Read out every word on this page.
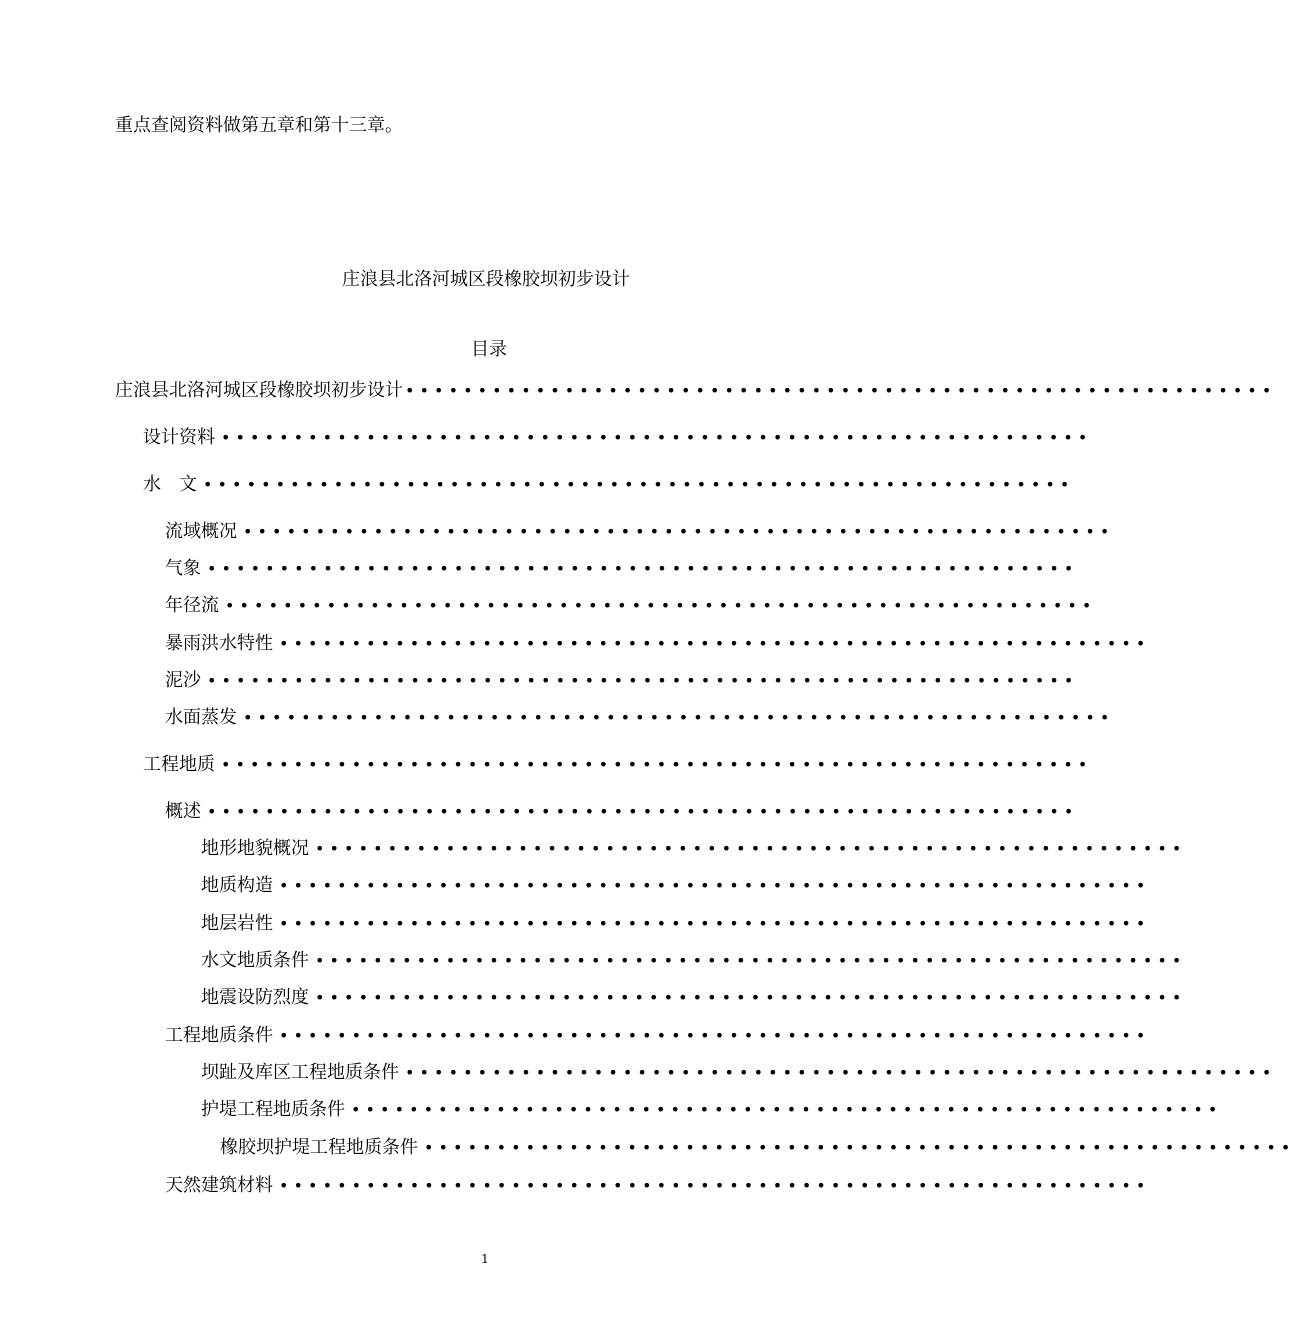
重点查阅资料做第五章和第十三章。
庄浪县北洛河城区段橡胶坝初步设计
目录
庄浪县北洛河城区段橡胶坝初步设计 • • • • • • • • • • • • • • • • • • • • • • • • • • • • • • • • • • • • • • • • • • • • • • • • • • • • • • • • • • • •
设计资料 • • • • • • • • • • • • • • • • • • • • • • • • • • • • • • • • • • • • • • • • • • • • • • • • • • • • • • • • • • • •
水　文 • • • • • • • • • • • • • • • • • • • • • • • • • • • • • • • • • • • • • • • • • • • • • • • • • • • • • • • • • • • •
流域概况 • • • • • • • • • • • • • • • • • • • • • • • • • • • • • • • • • • • • • • • • • • • • • • • • • • • • • • • • • • • •
气象 • • • • • • • • • • • • • • • • • • • • • • • • • • • • • • • • • • • • • • • • • • • • • • • • • • • • • • • • • • • •
年径流 • • • • • • • • • • • • • • • • • • • • • • • • • • • • • • • • • • • • • • • • • • • • • • • • • • • • • • • • • • • •
暴雨洪水特性 • • • • • • • • • • • • • • • • • • • • • • • • • • • • • • • • • • • • • • • • • • • • • • • • • • • • • • • • • • • •
泥沙 • • • • • • • • • • • • • • • • • • • • • • • • • • • • • • • • • • • • • • • • • • • • • • • • • • • • • • • • • • • •
水面蒸发 • • • • • • • • • • • • • • • • • • • • • • • • • • • • • • • • • • • • • • • • • • • • • • • • • • • • • • • • • • • •
工程地质 • • • • • • • • • • • • • • • • • • • • • • • • • • • • • • • • • • • • • • • • • • • • • • • • • • • • • • • • • • • •
概述 • • • • • • • • • • • • • • • • • • • • • • • • • • • • • • • • • • • • • • • • • • • • • • • • • • • • • • • • • • • •
地形地貌概况 • • • • • • • • • • • • • • • • • • • • • • • • • • • • • • • • • • • • • • • • • • • • • • • • • • • • • • • • • • • •
地质构造 • • • • • • • • • • • • • • • • • • • • • • • • • • • • • • • • • • • • • • • • • • • • • • • • • • • • • • • • • • • •
地层岩性 • • • • • • • • • • • • • • • • • • • • • • • • • • • • • • • • • • • • • • • • • • • • • • • • • • • • • • • • • • • •
水文地质条件 • • • • • • • • • • • • • • • • • • • • • • • • • • • • • • • • • • • • • • • • • • • • • • • • • • • • • • • • • • • •
地震设防烈度 • • • • • • • • • • • • • • • • • • • • • • • • • • • • • • • • • • • • • • • • • • • • • • • • • • • • • • • • • • • •
工程地质条件 • • • • • • • • • • • • • • • • • • • • • • • • • • • • • • • • • • • • • • • • • • • • • • • • • • • • • • • • • • • •
坝趾及库区工程地质条件 • • • • • • • • • • • • • • • • • • • • • • • • • • • • • • • • • • • • • • • • • • • • • • • • • • • • • • • • • • • •
护堤工程地质条件 • • • • • • • • • • • • • • • • • • • • • • • • • • • • • • • • • • • • • • • • • • • • • • • • • • • • • • • • • • • •
橡胶坝护堤工程地质条件 • • • • • • • • • • • • • • • • • • • • • • • • • • • • • • • • • • • • • • • • • • • • • • • • • • • • • • • • • • • •
天然建筑材料 • • • • • • • • • • • • • • • • • • • • • • • • • • • • • • • • • • • • • • • • • • • • • • • • • • • • • • • • • • • •
1
